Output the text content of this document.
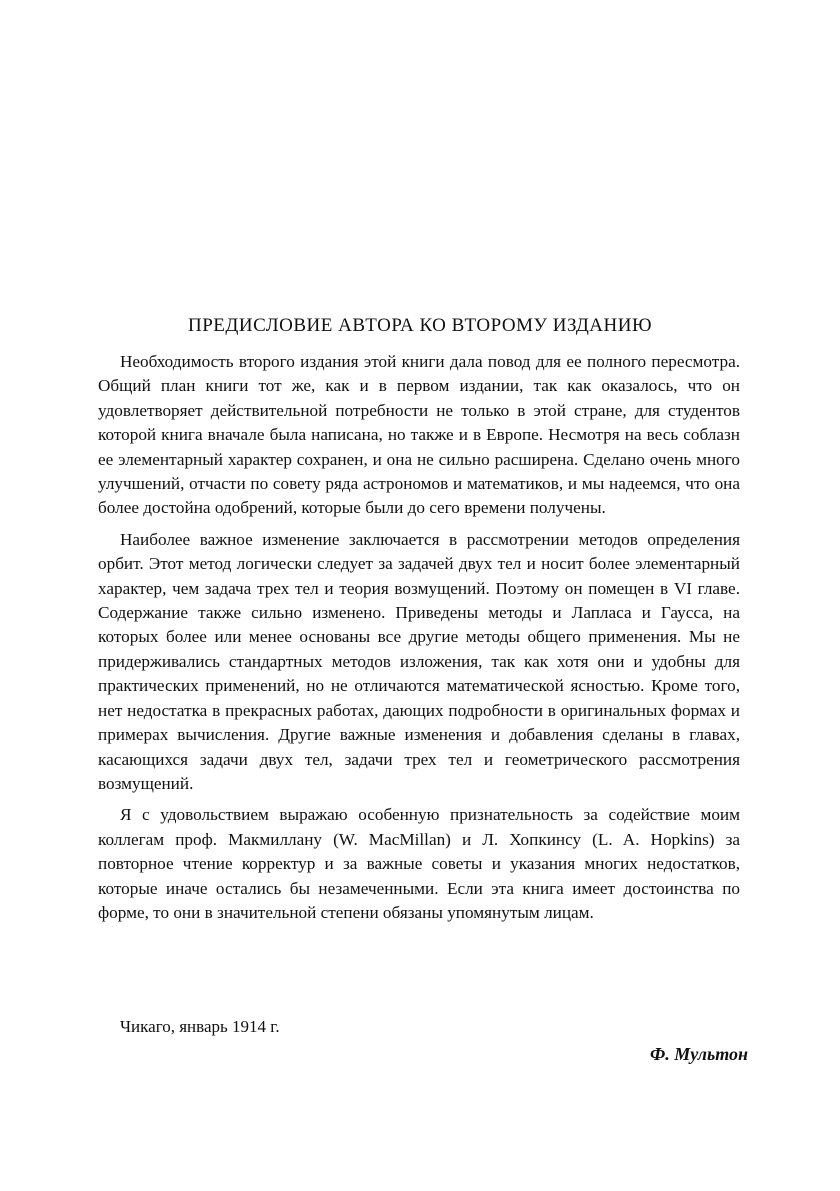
ПРЕДИСЛОВИЕ АВТОРА КО ВТОРОМУ ИЗДАНИЮ

Необходимость второго издания этой книги дала повод для ее полного пересмотра. Общий план книги тот же, как и в первом издании, так как оказалось, что он удовлетворяет действительной потребности не только в этой стране, для студентов которой книга вначале была написана, но также и в Европе. Несмотря на весь соблазн ее элементарный характер сохранен, и она не сильно расширена. Сделано очень много улучшений, отчасти по совету ряда астрономов и математиков, и мы надеемся, что она более достойна одобрений, которые были до сего времени получены.

Наиболее важное изменение заключается в рассмотрении методов определения орбит. Этот метод логически следует за задачей двух тел и носит более элементарный характер, чем задача трех тел и теория возмущений. Поэтому он помещен в VI главе. Содержание также сильно изменено. Приведены методы и Лапласа и Гаусса, на которых более или менее основаны все другие методы общего применения. Мы не придерживались стандартных методов изложения, так как хотя они и удобны для практических применений, но не отличаются математической ясностью. Кроме того, нет недостатка в прекрасных работах, дающих подробности в оригинальных формах и примерах вычисления. Другие важные изменения и добавления сделаны в главах, касающихся задачи двух тел, задачи трех тел и геометрического рассмотрения возмущений.

Я с удовольствием выражаю особенную признательность за содействие моим коллегам проф. Макмиллану (W. MacMillan) и Л. Хопкинсу (L. A. Hopkins) за повторное чтение корректур и за важные советы и указания многих недостатков, которые иначе остались бы незамеченными. Если эта книга имеет достоинства по форме, то они в значительной степени обязаны упомянутым лицам.

Чикаго, январь 1914 г.
Ф. Мультон
